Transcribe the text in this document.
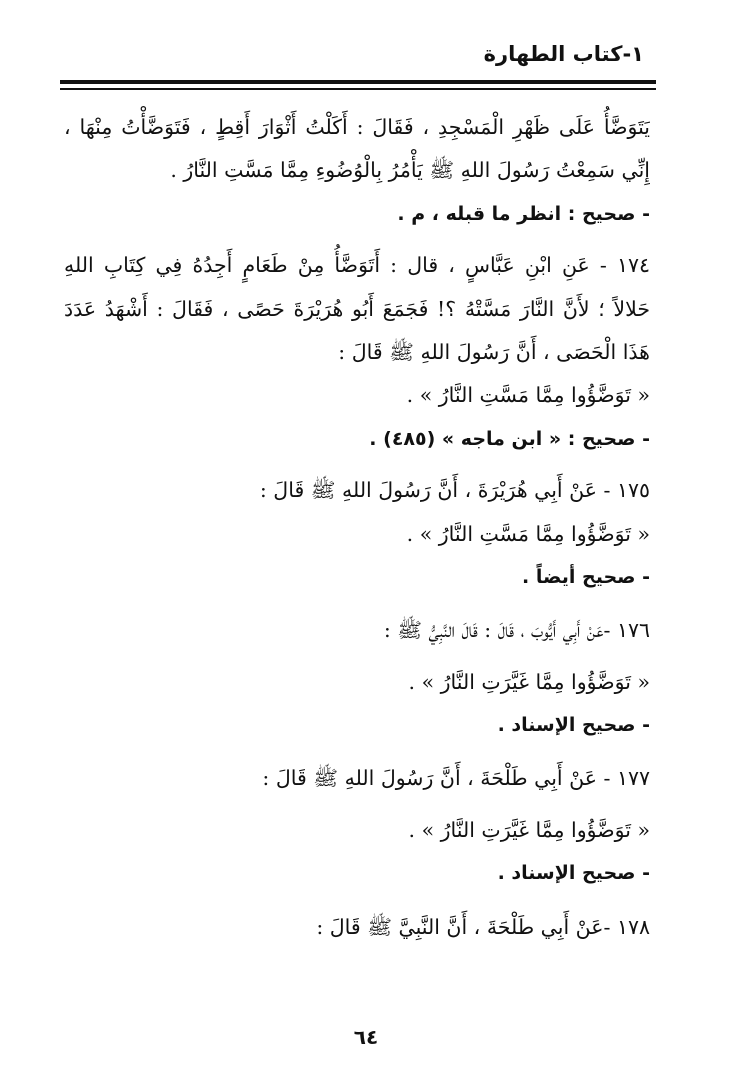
١-كتاب الطهارة
يَتَوَضَّأُ عَلَى ظَهْرِ الْمَسْجِدِ ، فَقَالَ : أَكَلْتُ أَثْوَارَ أَقِطٍ ، فَتَوَضَّأْتُ مِنْهَا ،
إِنِّي سَمِعْتُ رَسُولَ اللهِ ﷺ يَأْمُرُ بِالْوُضُوءِ مِمَّا مَسَّتِ النَّارُ .
- صحيح : انظر ما قبله ، م .
١٧٤ - عَنِ ابْنِ عَبَّاسٍ ، قال : أَتَوَضَّأُ مِنْ طَعَامٍ أَجِدُهُ فِي كِتَابِ اللهِ
حَلالاً ؛ لأَنَّ النَّارَ مَسَّتْهُ ؟! فَجَمَعَ أَبُو هُرَيْرَةَ حَصًى ، فَقَالَ : أَشْهَدُ عَدَدَ
هَذَا الْحَصَى ، أَنَّ رَسُولَ اللهِ ﷺ قَالَ :
« تَوَضَّؤُوا مِمَّا مَسَّتِ النَّارُ » .
- صحيح : « ابن ماجه » (٤٨٥) .
١٧٥ - عَنْ أَبِي هُرَيْرَةَ ، أَنَّ رَسُولَ اللهِ ﷺ قَالَ :
« تَوَضَّؤُوا مِمَّا مَسَّتِ النَّارُ » .
- صحيح أيضاً .
١٧٦ -عَنْ أَبِي أَيُّوبَ ، قَالَ : قَالَ النَّبِيُّ ﷺ :
« تَوَضَّؤُوا مِمَّا غَيَّرَتِ النَّارُ » .
- صحيح الإسناد .
١٧٧ - عَنْ أَبِي طَلْحَةَ ، أَنَّ رَسُولَ اللهِ ﷺ قَالَ :
« تَوَضَّؤُوا مِمَّا غَيَّرَتِ النَّارُ » .
- صحيح الإسناد .
١٧٨ -عَنْ أَبِي طَلْحَةَ ، أَنَّ النَّبِيَّ ﷺ قَالَ :
٦٤
